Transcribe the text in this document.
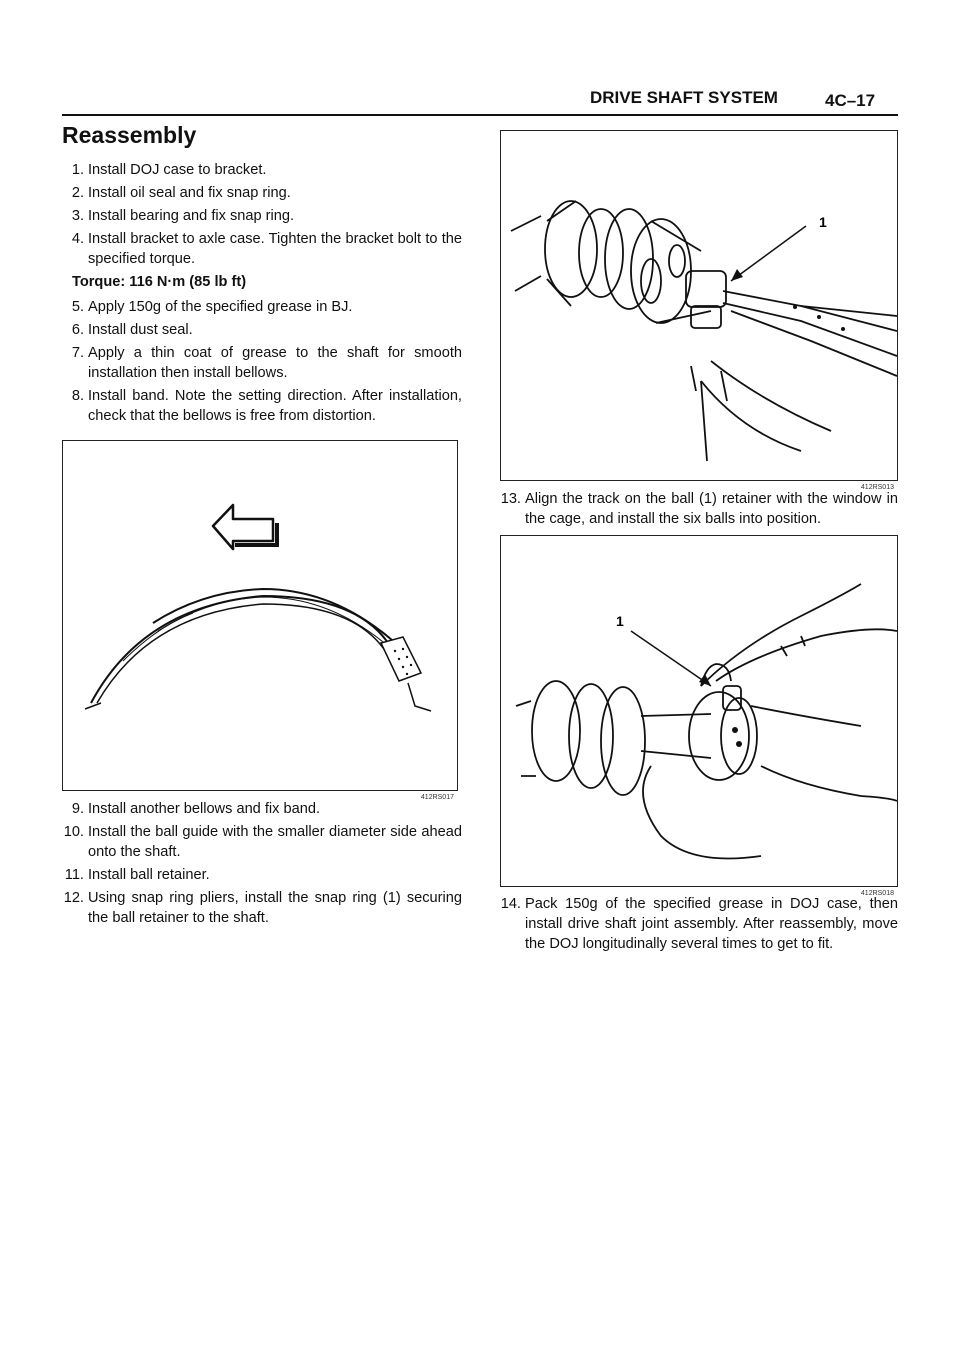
DRIVE SHAFT SYSTEM	4C–17
Reassembly
1. Install DOJ case to bracket.
2. Install oil seal and fix snap ring.
3. Install bearing and fix snap ring.
4. Install bracket to axle case. Tighten the bracket bolt to the specified torque.
Torque: 116 N·m (85 lb ft)
5. Apply 150g of the specified grease in BJ.
6. Install dust seal.
7. Apply a thin coat of grease to the shaft for smooth installation then install bellows.
8. Install band. Note the setting direction. After installation, check that the bellows is free from distortion.
412RS017
9. Install another bellows and fix band.
10. Install the ball guide with the smaller diameter side ahead onto the shaft.
11. Install ball retainer.
12. Using snap ring pliers, install the snap ring (1) securing the ball retainer to the shaft.
1
412RS013
13. Align the track on the ball (1) retainer with the window in the cage, and install the six balls into position.
1
412RS018
14. Pack 150g of the specified grease in DOJ case, then install drive shaft joint assembly. After reassembly, move the DOJ longitudinally several times to get to fit.
